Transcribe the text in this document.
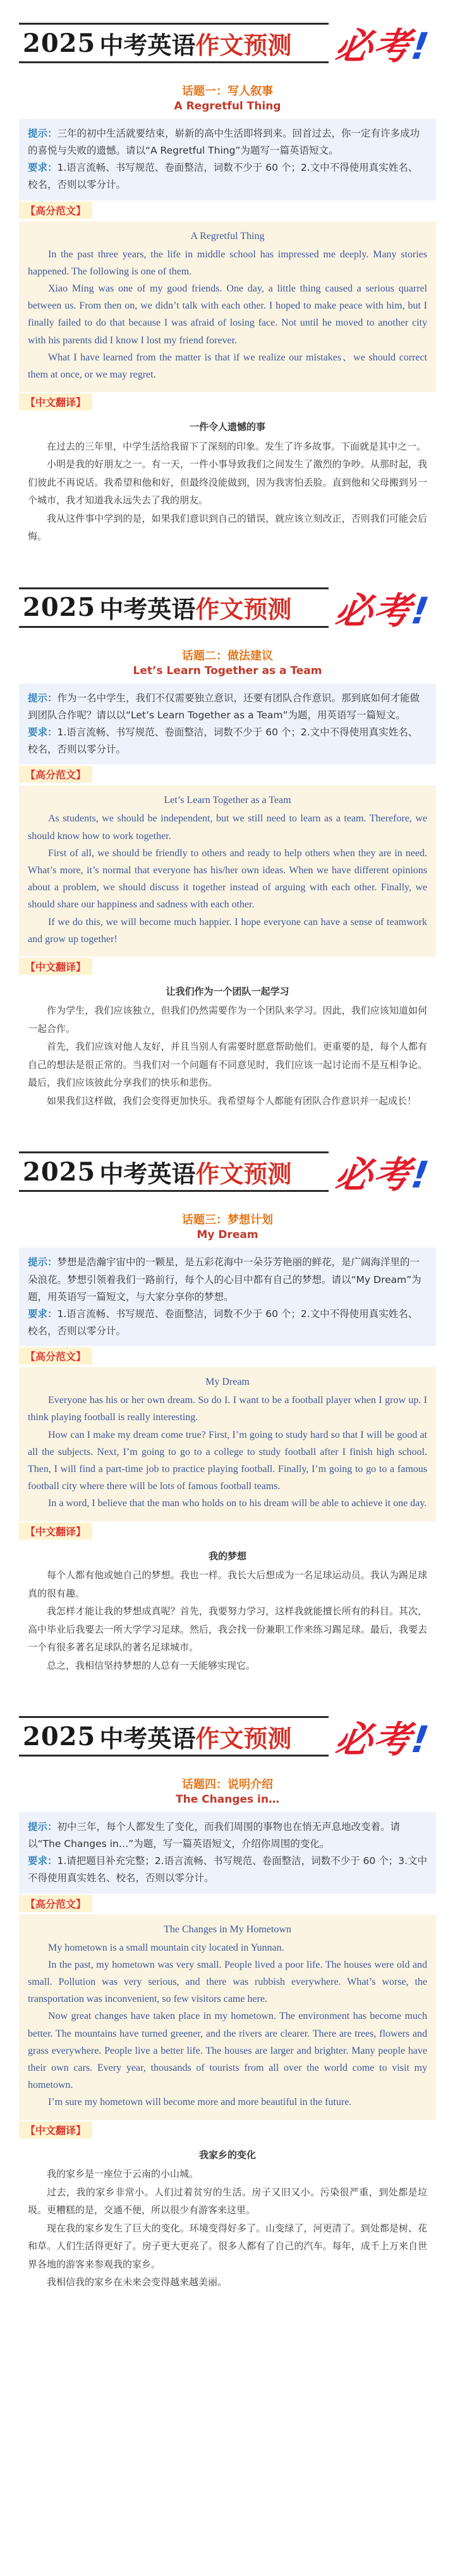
2025 中考英语 作文预测 必考!
话题一：写人叙事
A Regretful Thing

提示：三年的初中生活就要结束，崭新的高中生活即将到来。回首过去，你一定有许多成功的喜悦与失败的遗憾。请以“A Regretful Thing”为题写一篇英语短文。

要求：1.语言流畅、书写规范、卷面整洁，词数不少于 60 个；2.文中不得使用真实姓名、校名，否则以零分计。

【高分范文】
A Regretful Thing

In the past three years, the life in middle school has impressed me deeply. Many stories happened. The following is one of them.

Xiao Ming was one of my good friends. One day, a little thing caused a serious quarrel between us. From then on, we didn’t talk with each other. I hoped to make peace with him, but I finally failed to do that because I was afraid of losing face. Not until he moved to another city with his parents did I know I lost my friend forever.

What I have learned from the matter is that if we realize our mistakes、we should correct them at once, or we may regret.

【中文翻译】
一件令人遗憾的事

在过去的三年里，中学生活给我留下了深刻的印象。发生了许多故事。下面就是其中之一。

小明是我的好朋友之一。有一天，一件小事导致我们之间发生了激烈的争吵。从那时起，我们彼此不再说话。我希望和他和好，但最终没能做到，因为我害怕丢脸。直到他和父母搬到另一个城市，我才知道我永远失去了我的朋友。

我从这件事中学到的是，如果我们意识到自己的错误，就应该立刻改正，否则我们可能会后悔。

2025 中考英语 作文预测 必考!
话题二：做法建议
Let’s Learn Together as a Team

提示：作为一名中学生，我们不仅需要独立意识，还要有团队合作意识。那到底如何才能做到团队合作呢？请以以“Let’s Learn Together as a Team”为题，用英语写一篇短文。

要求：1.语言流畅、书写规范、卷面整洁，词数不少于 60 个；2.文中不得使用真实姓名、校名，否则以零分计。

【高分范文】
Let’s Learn Together as a Team

As students, we should be independent, but we still need to learn as a team. Therefore, we should know how to work together.

First of all, we should be friendly to others and ready to help others when they are in need. What’s more, it’s normal that everyone has his/her own ideas. When we have different opinions about a problem, we should discuss it together instead of arguing with each other. Finally, we should share our happiness and sadness with each other.

If we do this, we will become much happier. I hope everyone can have a sense of teamwork and grow up together!

【中文翻译】
让我们作为一个团队一起学习

作为学生，我们应该独立，但我们仍然需要作为一个团队来学习。因此，我们应该知道如何一起合作。

首先，我们应该对他人友好，并且当别人有需要时愿意帮助他们。更重要的是，每个人都有自己的想法是很正常的。当我们对一个问题有不同意见时，我们应该一起讨论而不是互相争论。最后，我们应该彼此分享我们的快乐和悲伤。

如果我们这样做，我们会变得更加快乐。我希望每个人都能有团队合作意识并一起成长！

2025 中考英语 作文预测 必考!
话题三：梦想计划
My Dream

提示：梦想是浩瀚宇宙中的一颗星，是五彩花海中一朵芬芳艳丽的鲜花，是广阔海洋里的一朵浪花。梦想引领着我们一路前行，每个人的心目中都有自己的梦想。请以“My Dream”为题，用英语写一篇短文，与大家分享你的梦想。

要求：1.语言流畅、书写规范、卷面整洁，词数不少于 60 个；2.文中不得使用真实姓名、校名，否则以零分计。

【高分范文】
My Dream

Everyone has his or her own dream. So do I. I want to be a football player when I grow up. I think playing football is really interesting.

How can I make my dream come true? First, I’m going to study hard so that I will be good at all the subjects. Next, I’m going to go to a college to study football after I finish high school. Then, I will find a part-time job to practice playing football. Finally, I’m going to go to a famous football city where there will be lots of famous football teams.

In a word, I believe that the man who holds on to his dream will be able to achieve it one day.

【中文翻译】
我的梦想

每个人都有他或她自己的梦想。我也一样。我长大后想成为一名足球运动员。我认为踢足球真的很有趣。

我怎样才能让我的梦想成真呢？首先，我要努力学习，这样我就能擅长所有的科目。其次，高中毕业后我要去一所大学学习足球。然后，我会找一份兼职工作来练习踢足球。最后，我要去一个有很多著名足球队的著名足球城市。

总之，我相信坚持梦想的人总有一天能够实现它。

2025 中考英语 作文预测 必考!
话题四：说明介绍
The Changes in…

提示：初中三年，每个人都发生了变化，而我们周围的事物也在悄无声息地改变着。请以“The Changes in…”为题，写一篇英语短文，介绍你周围的变化。

要求：1.请把题目补充完整；2.语言流畅、书写规范、卷面整洁，词数不少于 60 个；3.文中不得使用真实姓名、校名，否则以零分计。

【高分范文】
The Changes in My Hometown

My hometown is a small mountain city located in Yunnan.

In the past, my hometown was very small. People lived a poor life. The houses were old and small. Pollution was very serious, and there was rubbish everywhere. What’s worse, the transportation was inconvenient, so few visitors came here.

Now great changes have taken place in my hometown. The environment has become much better. The mountains have turned greener, and the rivers are clearer. There are trees, flowers and grass everywhere. People live a better life. The houses are larger and brighter. Many people have their own cars. Every year, thousands of tourists from all over the world come to visit my hometown.

I’m sure my hometown will become more and more beautiful in the future.

【中文翻译】
我家乡的变化

我的家乡是一座位于云南的小山城。

过去，我的家乡非常小。人们过着贫穷的生活。房子又旧又小。污染很严重，到处都是垃圾。更糟糕的是，交通不便，所以很少有游客来这里。

现在我的家乡发生了巨大的变化。环境变得好多了。山变绿了，河更清了。到处都是树、花和草。人们生活得更好了。房子更大更亮了。很多人都有了自己的汽车。每年，成千上万来自世界各地的游客来参观我的家乡。

我相信我的家乡在未来会变得越来越美丽。
